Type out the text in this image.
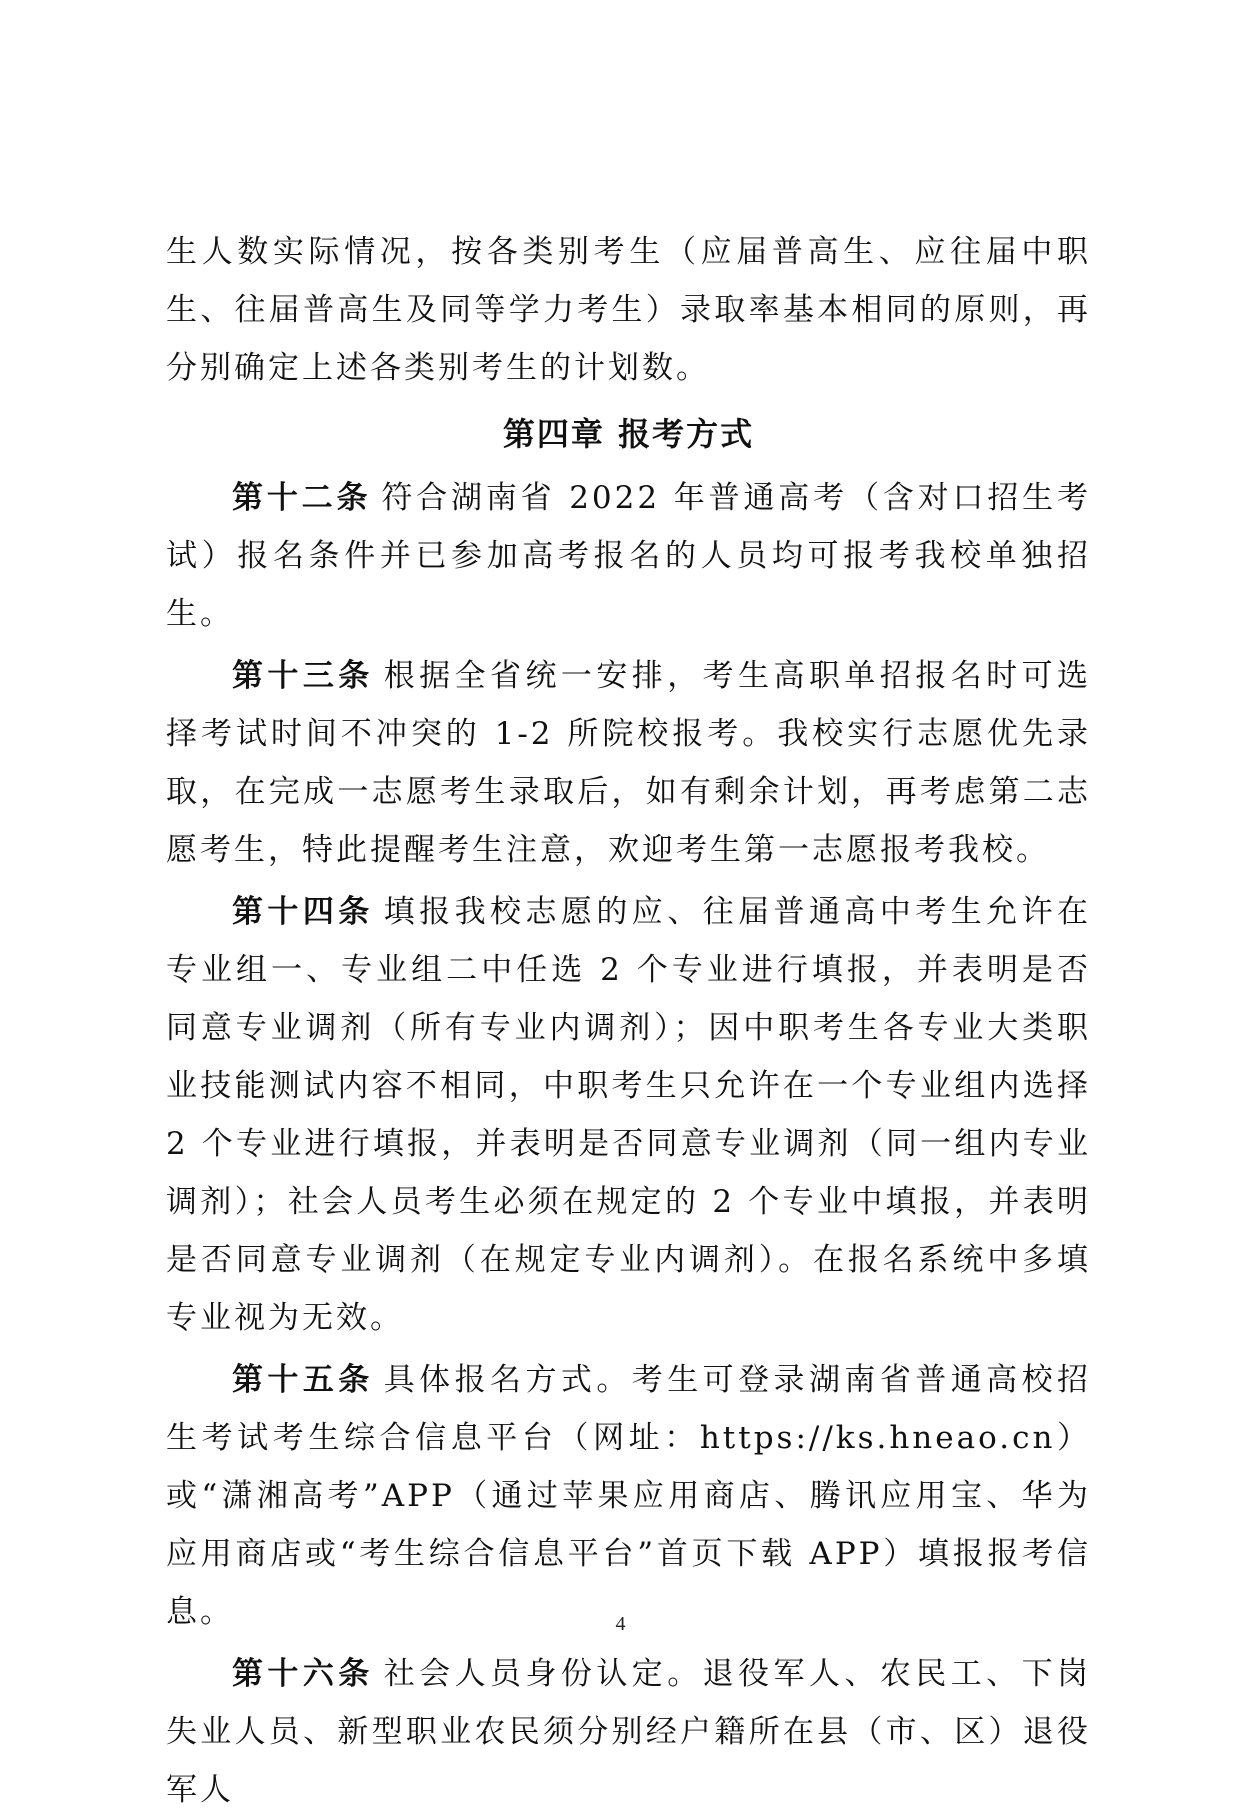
生人数实际情况，按各类别考生（应届普高生、应往届中职生、往届普高生及同等学力考生）录取率基本相同的原则，再分别确定上述各类别考生的计划数。

第四章 报考方式

第十二条 符合湖南省 2022 年普通高考（含对口招生考试）报名条件并已参加高考报名的人员均可报考我校单独招生。

第十三条 根据全省统一安排，考生高职单招报名时可选择考试时间不冲突的 1-2 所院校报考。我校实行志愿优先录取，在完成一志愿考生录取后，如有剩余计划，再考虑第二志愿考生，特此提醒考生注意，欢迎考生第一志愿报考我校。

第十四条 填报我校志愿的应、往届普通高中考生允许在专业组一、专业组二中任选 2 个专业进行填报，并表明是否同意专业调剂（所有专业内调剂）；因中职考生各专业大类职业技能测试内容不相同，中职考生只允许在一个专业组内选择 2 个专业进行填报，并表明是否同意专业调剂（同一组内专业调剂）；社会人员考生必须在规定的 2 个专业中填报，并表明是否同意专业调剂（在规定专业内调剂）。在报名系统中多填专业视为无效。

第十五条 具体报名方式。考生可登录湖南省普通高校招生考试考生综合信息平台（网址：https://ks.hneao.cn）或“潇湘高考”APP（通过苹果应用商店、腾讯应用宝、华为应用商店或“考生综合信息平台”首页下载 APP）填报报考信息。

第十六条 社会人员身份认定。退役军人、农民工、下岗失业人员、新型职业农民须分别经户籍所在县（市、区）退役军人

4
